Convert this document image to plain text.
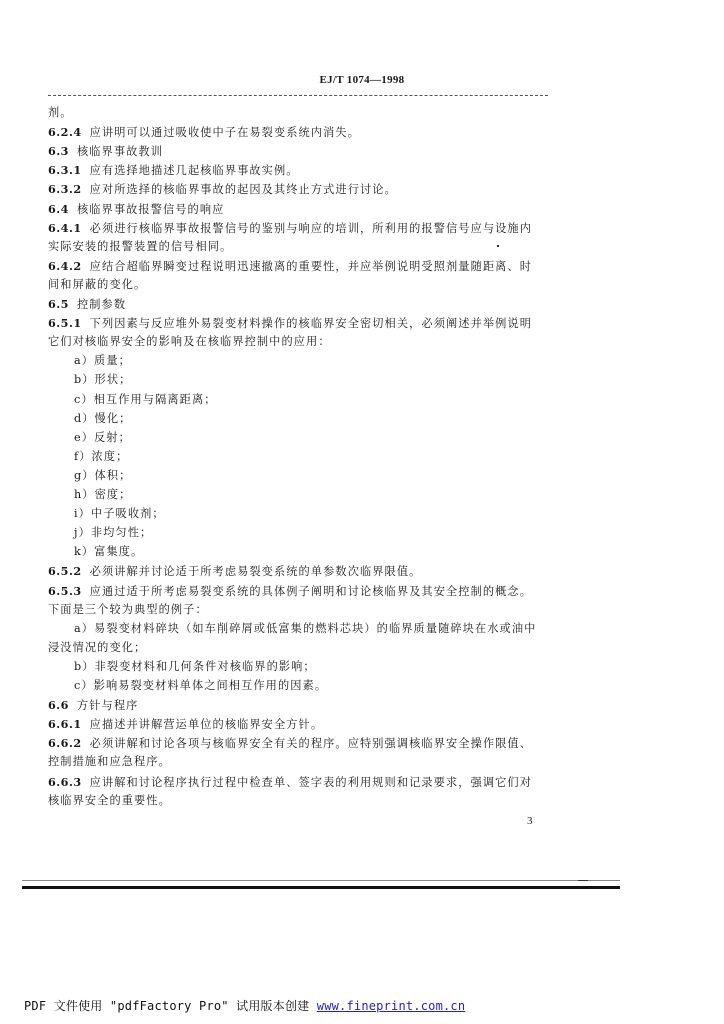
EJ/T 1074—1998
剂。
6.2.4 应讲明可以通过吸收使中子在易裂变系统内消失。
6.3 核临界事故教训
6.3.1 应有选择地描述几起核临界事故实例。
6.3.2 应对所选择的核临界事故的起因及其终止方式进行讨论。
6.4 核临界事故报警信号的响应
6.4.1 必须进行核临界事故报警信号的鉴别与响应的培训，所利用的报警信号应与设施内
实际安装的报警装置的信号相同。
6.4.2 应结合超临界瞬变过程说明迅速撤离的重要性，并应举例说明受照剂量随距离、时
间和屏蔽的变化。
6.5 控制参数
6.5.1 下列因素与反应堆外易裂变材料操作的核临界安全密切相关，必须阐述并举例说明
它们对核临界安全的影响及在核临界控制中的应用：
a）质量；
b）形状；
c）相互作用与隔离距离；
d）慢化；
e）反射；
f）浓度；
g）体积；
h）密度；
i）中子吸收剂；
j）非均匀性；
k）富集度。
6.5.2 必须讲解并讨论适于所考虑易裂变系统的单参数次临界限值。
6.5.3 应通过适于所考虑易裂变系统的具体例子阐明和讨论核临界及其安全控制的概念。
下面是三个较为典型的例子：
a）易裂变材料碎块（如车削碎屑或低富集的燃料芯块）的临界质量随碎块在水或油中
浸没情况的变化；
b）非裂变材料和几何条件对核临界的影响；
c）影响易裂变材料单体之间相互作用的因素。
6.6 方针与程序
6.6.1 应描述并讲解营运单位的核临界安全方针。
6.6.2 必须讲解和讨论各项与核临界安全有关的程序。应特别强调核临界安全操作限值、
控制措施和应急程序。
6.6.3 应讲解和讨论程序执行过程中检查单、签字表的利用规则和记录要求，强调它们对
核临界安全的重要性。
3
PDF 文件使用 "pdfFactory Pro" 试用版本创建 www.fineprint.com.cn
